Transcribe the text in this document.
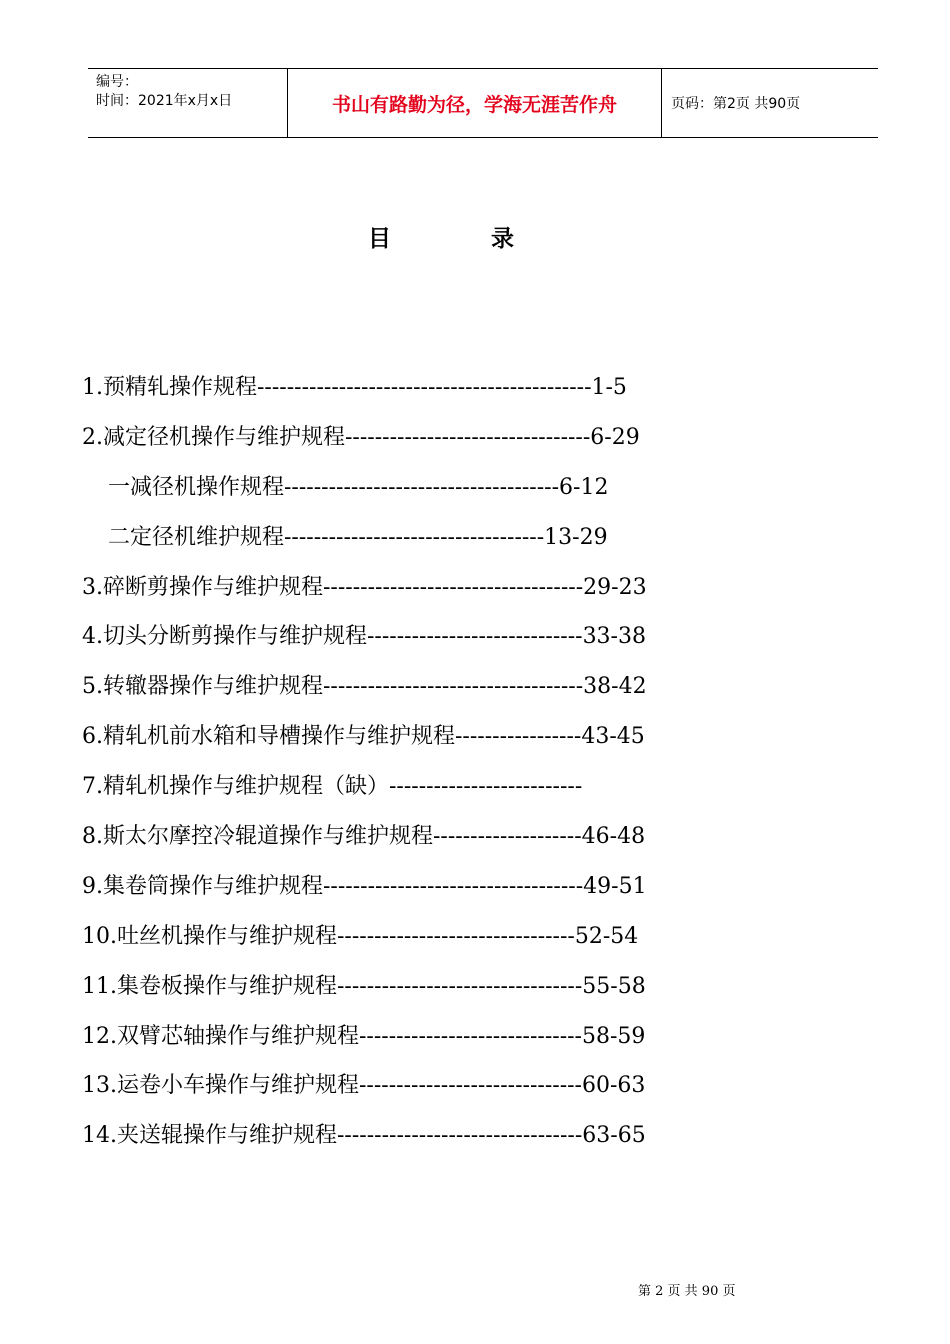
编号：
时间：2021年x月x日	书山有路勤为径，学海无涯苦作舟	页码：第2页 共90页
目录
1.预精轧操作规程---------------------------------------------1-5
2.减定径机操作与维护规程---------------------------------6-29
一减径机操作规程-------------------------------------6-12
二定径机维护规程-----------------------------------13-29
3.碎断剪操作与维护规程-----------------------------------29-23
4.切头分断剪操作与维护规程-----------------------------33-38
5.转辙器操作与维护规程-----------------------------------38-42
6.精轧机前水箱和导槽操作与维护规程-----------------43-45
7.精轧机操作与维护规程（缺）--------------------------
8.斯太尔摩控冷辊道操作与维护规程--------------------46-48
9.集卷筒操作与维护规程-----------------------------------49-51
10.吐丝机操作与维护规程--------------------------------52-54
11.集卷板操作与维护规程---------------------------------55-58
12.双臂芯轴操作与维护规程------------------------------58-59
13.运卷小车操作与维护规程------------------------------60-63
14.夹送辊操作与维护规程---------------------------------63-65
第 2 页 共 90 页
